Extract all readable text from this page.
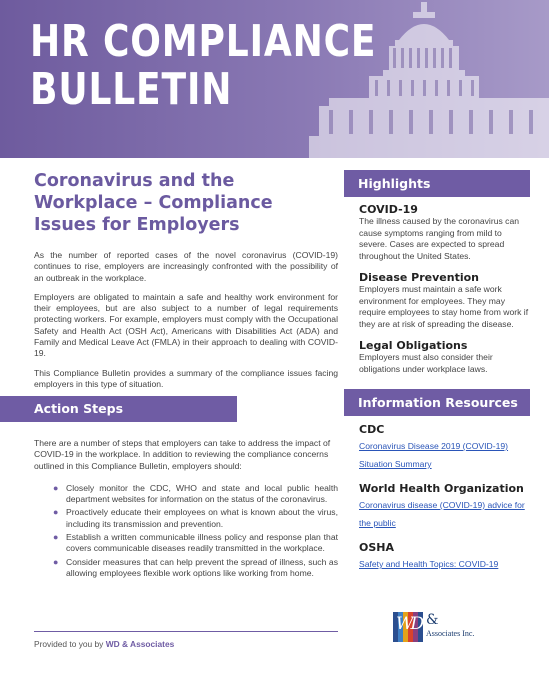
HR COMPLIANCE
BULLETIN
Coronavirus and the Workplace – Compliance Issues for Employers

As the number of reported cases of the novel coronavirus (COVID-19) continues to rise, employers are increasingly confronted with the possibility of an outbreak in the workplace.

Employers are obligated to maintain a safe and healthy work environment for their employees, but are also subject to a number of legal requirements protecting workers. For example, employers must comply with the Occupational Safety and Health Act (OSH Act), Americans with Disabilities Act (ADA) and Family and Medical Leave Act (FMLA) in their approach to dealing with COVID-19.

This Compliance Bulletin provides a summary of the compliance issues facing employers in this type of situation.

Action Steps

There are a number of steps that employers can take to address the impact of COVID-19 in the workplace. In addition to reviewing the compliance concerns outlined in this Compliance Bulletin, employers should:

● Closely monitor the CDC, WHO and state and local public health department websites for information on the status of the coronavirus.
● Proactively educate their employees on what is known about the virus, including its transmission and prevention.
● Establish a written communicable illness policy and response plan that covers communicable diseases readily transmitted in the workplace.
● Consider measures that can help prevent the spread of illness, such as allowing employees flexible work options like working from home.
Provided to you by WD & Associates
Highlights
COVID-19
The illness caused by the coronavirus can cause symptoms ranging from mild to severe. Cases are expected to spread throughout the United States.
Disease Prevention
Employers must maintain a safe work environment for employees. They may require employees to stay home from work if they are at risk of spreading the disease.
Legal Obligations
Employers must also consider their obligations under workplace laws.
Information Resources
CDC
Coronavirus Disease 2019 (COVID-19) Situation Summary
World Health Organization
Coronavirus disease (COVID-19) advice for the public
OSHA
Safety and Health Topics: COVID-19
WD &
Associates Inc.
